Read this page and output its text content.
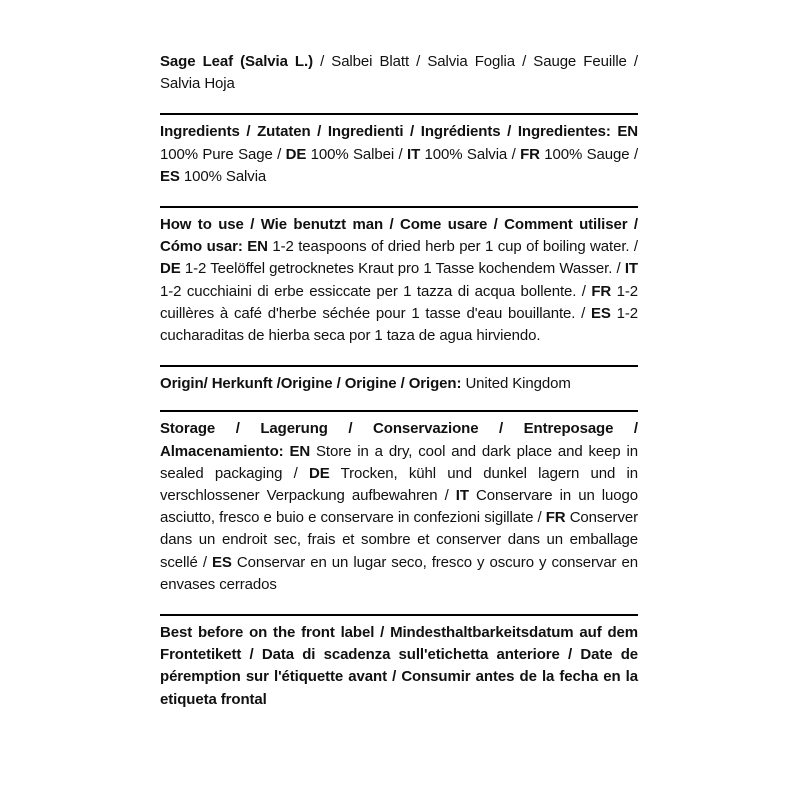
Sage Leaf (Salvia L.) / Salbei Blatt / Salvia Foglia / Sauge Feuille / Salvia Hoja
Ingredients / Zutaten / Ingredienti / Ingrédients / Ingredientes: EN 100% Pure Sage / DE 100% Salbei / IT 100% Salvia / FR 100% Sauge / ES 100% Salvia
How to use / Wie benutzt man / Come usare / Comment utiliser / Cómo usar: EN 1-2 teaspoons of dried herb per 1 cup of boiling water. / DE 1-2 Teelöffel getrocknetes Kraut pro 1 Tasse kochendem Wasser. / IT 1-2 cucchiaini di erbe essiccate per 1 tazza di acqua bollente. / FR 1-2 cuillères à café d'herbe séchée pour 1 tasse d'eau bouillante. / ES 1-2 cucharaditas de hierba seca por 1 taza de agua hirviendo.
Origin/ Herkunft /Origine / Origine / Origen: United Kingdom
Storage / Lagerung / Conservazione / Entreposage / Almacenamiento: EN Store in a dry, cool and dark place and keep in sealed packaging / DE Trocken, kühl und dunkel lagern und in verschlossener Verpackung aufbewahren / IT Conservare in un luogo asciutto, fresco e buio e conservare in confezioni sigillate / FR Conserver dans un endroit sec, frais et sombre et conserver dans un emballage scellé / ES Conservar en un lugar seco, fresco y oscuro y conservar en envases cerrados
Best before on the front label / Mindesthaltbarkeitsdatum auf dem Frontetikett / Data di scadenza sull'etichetta anteriore / Date de péremption sur l'étiquette avant / Consumir antes de la fecha en la etiqueta frontal
